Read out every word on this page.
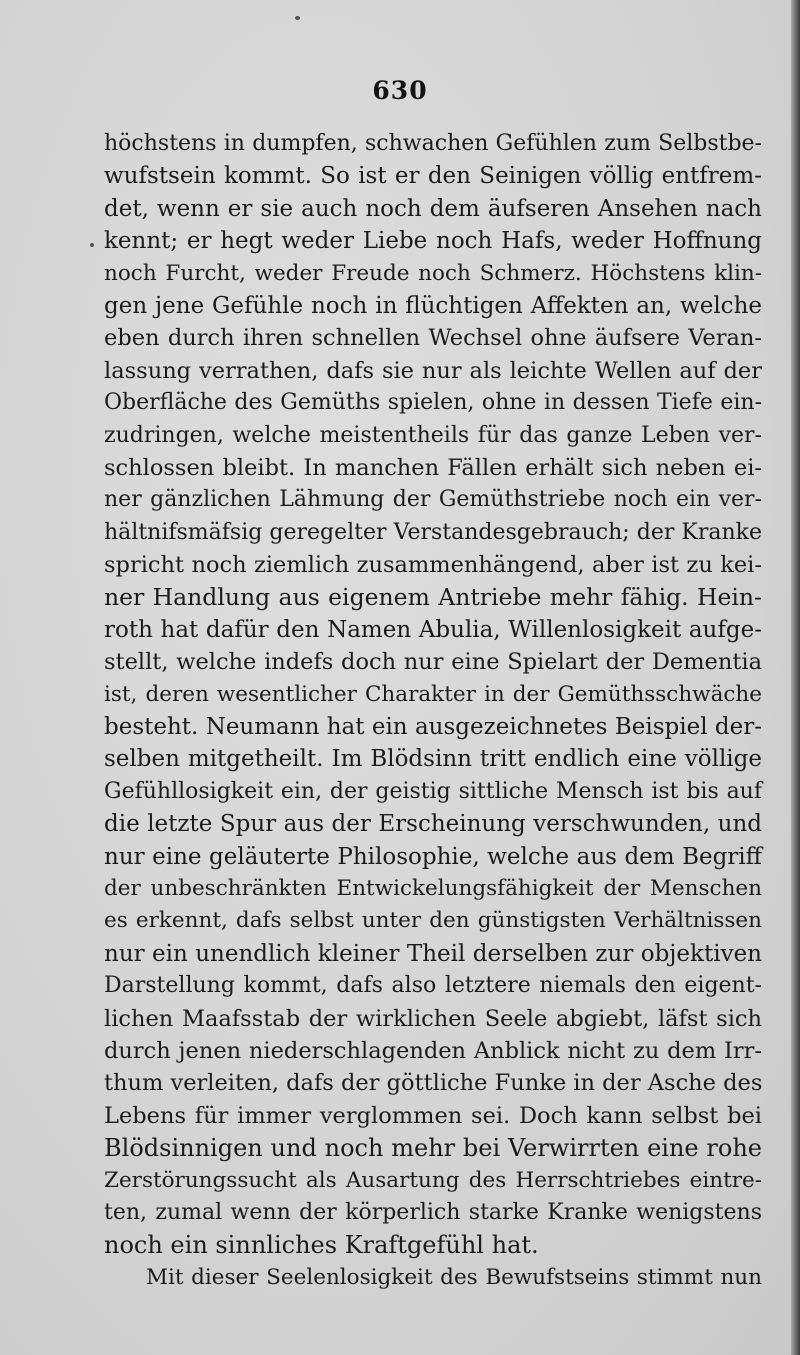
630
höchstens in dumpfen, schwachen Gefühlen zum Selbstbe-
wufstsein kommt. So ist er den Seinigen völlig entfrem-
det, wenn er sie auch noch dem äufseren Ansehen nach
kennt; er hegt weder Liebe noch Hafs, weder Hoffnung
noch Furcht, weder Freude noch Schmerz. Höchstens klin-
gen jene Gefühle noch in flüchtigen Affekten an, welche
eben durch ihren schnellen Wechsel ohne äufsere Veran-
lassung verrathen, dafs sie nur als leichte Wellen auf der
Oberfläche des Gemüths spielen, ohne in dessen Tiefe ein-
zudringen, welche meistentheils für das ganze Leben ver-
schlossen bleibt. In manchen Fällen erhält sich neben ei-
ner gänzlichen Lähmung der Gemüthstriebe noch ein ver-
hältnifsmäfsig geregelter Verstandesgebrauch; der Kranke
spricht noch ziemlich zusammenhängend, aber ist zu kei-
ner Handlung aus eigenem Antriebe mehr fähig. Hein-
roth hat dafür den Namen Abulia, Willenlosigkeit aufge-
stellt, welche indefs doch nur eine Spielart der Dementia
ist, deren wesentlicher Charakter in der Gemüthsschwäche
besteht. Neumann hat ein ausgezeichnetes Beispiel der-
selben mitgetheilt. Im Blödsinn tritt endlich eine völlige
Gefühllosigkeit ein, der geistig sittliche Mensch ist bis auf
die letzte Spur aus der Erscheinung verschwunden, und
nur eine geläuterte Philosophie, welche aus dem Begriff
der unbeschränkten Entwickelungsfähigkeit der Menschen
es erkennt, dafs selbst unter den günstigsten Verhältnissen
nur ein unendlich kleiner Theil derselben zur objektiven
Darstellung kommt, dafs also letztere niemals den eigent-
lichen Maafsstab der wirklichen Seele abgiebt, läfst sich
durch jenen niederschlagenden Anblick nicht zu dem Irr-
thum verleiten, dafs der göttliche Funke in der Asche des
Lebens für immer verglommen sei. Doch kann selbst bei
Blödsinnigen und noch mehr bei Verwirrten eine rohe
Zerstörungssucht als Ausartung des Herrschtriebes eintre-
ten, zumal wenn der körperlich starke Kranke wenigstens
noch ein sinnliches Kraftgefühl hat.
Mit dieser Seelenlosigkeit des Bewufstseins stimmt nun
